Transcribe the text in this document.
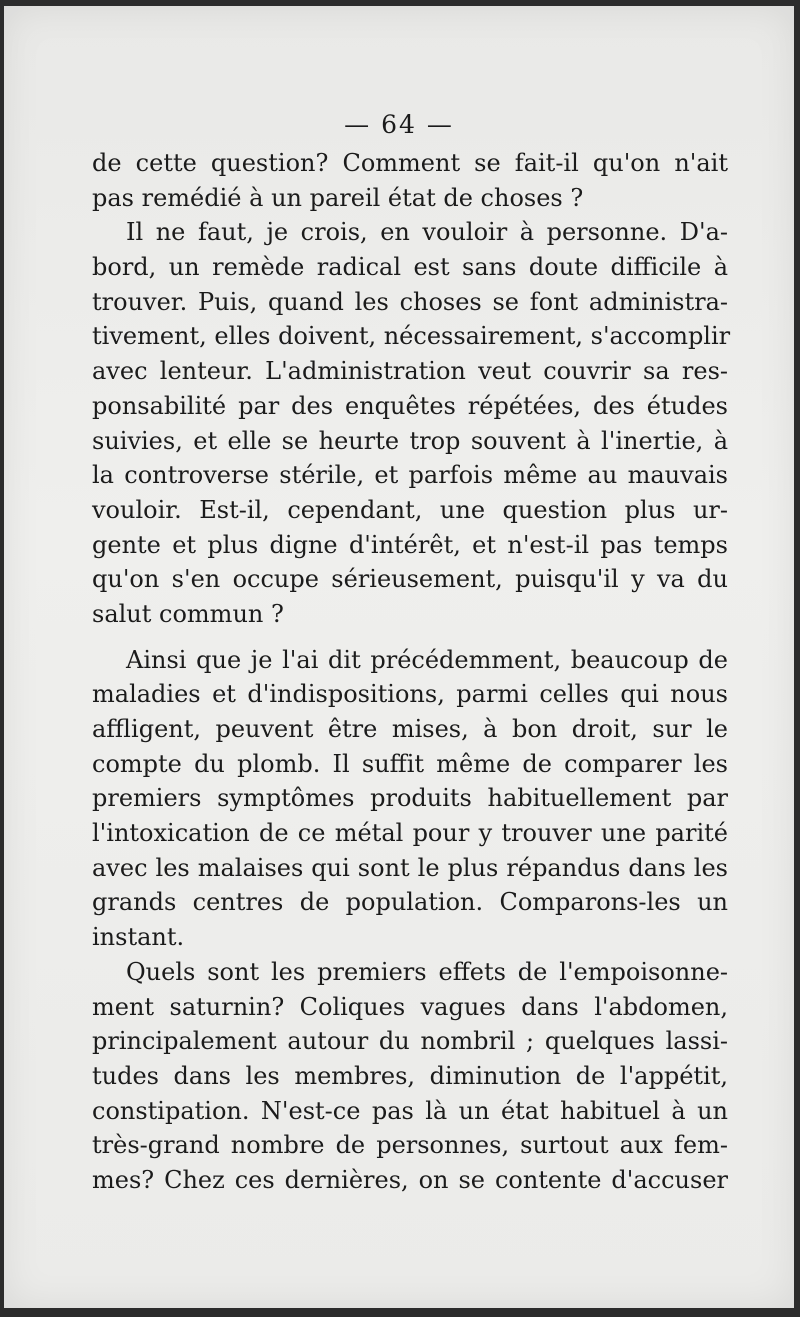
— 64 —
de cette question? Comment se fait-il qu'on n'ait
pas remédié à un pareil état de choses ?
Il ne faut, je crois, en vouloir à personne. D'a-
bord, un remède radical est sans doute difficile à
trouver. Puis, quand les choses se font administra-
tivement, elles doivent, nécessairement, s'accomplir
avec lenteur. L'administration veut couvrir sa res-
ponsabilité par des enquêtes répétées, des études
suivies, et elle se heurte trop souvent à l'inertie, à
la controverse stérile, et parfois même au mauvais
vouloir. Est-il, cependant, une question plus ur-
gente et plus digne d'intérêt, et n'est-il pas temps
qu'on s'en occupe sérieusement, puisqu'il y va du
salut commun ?
Ainsi que je l'ai dit précédemment, beaucoup de
maladies et d'indispositions, parmi celles qui nous
affligent, peuvent être mises, à bon droit, sur le
compte du plomb. Il suffit même de comparer les
premiers symptômes produits habituellement par
l'intoxication de ce métal pour y trouver une parité
avec les malaises qui sont le plus répandus dans les
grands centres de population. Comparons-les un
instant.
Quels sont les premiers effets de l'empoisonne-
ment saturnin? Coliques vagues dans l'abdomen,
principalement autour du nombril ; quelques lassi-
tudes dans les membres, diminution de l'appétit,
constipation. N'est-ce pas là un état habituel à un
très-grand nombre de personnes, surtout aux fem-
mes? Chez ces dernières, on se contente d'accuser
